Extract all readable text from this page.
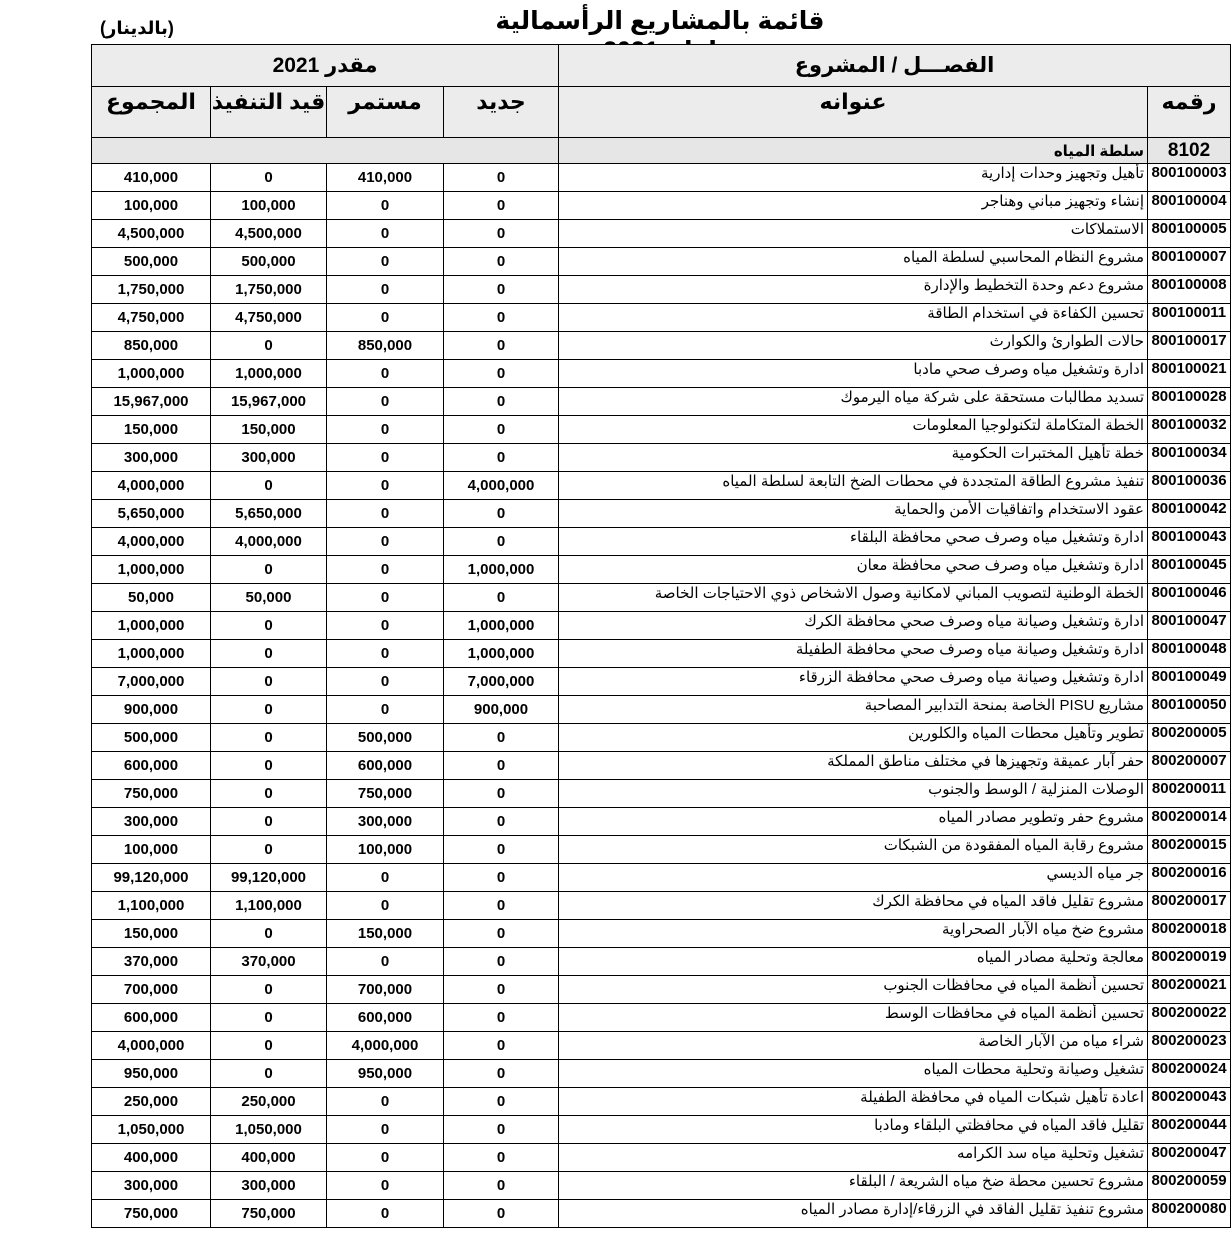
قائمة بالمشاريع الرأسمالية
(بالدينار)
مقدر 2021				الفصـــل / المشروع	
المجموع	قيد التنفيذ	مستمر	جديد	عنوانه	رقمه
				سلطة المياه	8102
410,000	0	410,000	0	تأهيل وتجهيز وحدات إدارية	800100003
100,000	100,000	0	0	إنشاء وتجهيز مباني وهناجر	800100004
4,500,000	4,500,000	0	0	الاستملاكات	800100005
500,000	500,000	0	0	مشروع النظام المحاسبي لسلطة المياه	800100007
1,750,000	1,750,000	0	0	مشروع دعم وحدة التخطيط والإدارة	800100008
4,750,000	4,750,000	0	0	تحسين الكفاءة في استخدام الطاقة	800100011
850,000	0	850,000	0	حالات الطوارئ والكوارث	800100017
1,000,000	1,000,000	0	0	ادارة وتشغيل مياه وصرف صحي مادبا	800100021
15,967,000	15,967,000	0	0	تسديد مطالبات مستحقة على شركة مياه اليرموك	800100028
150,000	150,000	0	0	الخطة المتكاملة لتكنولوجيا المعلومات	800100032
300,000	300,000	0	0	خطة تأهيل المختبرات الحكومية	800100034
4,000,000	0	0	4,000,000	تنفيذ مشروع الطاقة المتجددة في محطات الضخ التابعة لسلطة المياه	800100036
5,650,000	5,650,000	0	0	عقود الاستخدام واتفاقيات الأمن والحماية	800100042
4,000,000	4,000,000	0	0	ادارة وتشغيل مياه وصرف صحي محافظة البلقاء	800100043
1,000,000	0	0	1,000,000	ادارة وتشغيل مياه وصرف صحي محافظة معان	800100045
50,000	50,000	0	0	الخطة الوطنية لتصويب المباني لامكانية وصول الاشخاص ذوي الاحتياجات الخاصة	800100046
1,000,000	0	0	1,000,000	ادارة وتشغيل وصيانة مياه وصرف صحي محافظة الكرك	800100047
1,000,000	0	0	1,000,000	ادارة وتشغيل وصيانة مياه وصرف صحي محافظة الطفيلة	800100048
7,000,000	0	0	7,000,000	ادارة وتشغيل وصيانة مياه وصرف صحي محافظة الزرقاء	800100049
900,000	0	0	900,000	مشاريع PISU الخاصة بمنحة التدابير المصاحبة	800100050
500,000	0	500,000	0	تطوير وتأهيل محطات المياه والكلورين	800200005
600,000	0	600,000	0	حفر آبار عميقة وتجهيزها في مختلف مناطق المملكة	800200007
750,000	0	750,000	0	الوصلات المنزلية / الوسط والجنوب	800200011
300,000	0	300,000	0	مشروع حفر وتطوير مصادر المياه	800200014
100,000	0	100,000	0	مشروع رقابة المياه المفقودة من الشبكات	800200015
99,120,000	99,120,000	0	0	جر مياه الديسي	800200016
1,100,000	1,100,000	0	0	مشروع تقليل فاقد المياه في محافظة الكرك	800200017
150,000	0	150,000	0	مشروع ضخ مياه الآبار الصحراوية	800200018
370,000	370,000	0	0	معالجة وتحلية مصادر المياه	800200019
700,000	0	700,000	0	تحسين أنظمة المياه في محافظات الجنوب	800200021
600,000	0	600,000	0	تحسين أنظمة المياه في محافظات الوسط	800200022
4,000,000	0	4,000,000	0	شراء مياه من الآبار الخاصة	800200023
950,000	0	950,000	0	تشغيل وصيانة وتحلية محطات المياه	800200024
250,000	250,000	0	0	اعادة تأهيل شبكات المياه في محافظة الطفيلة	800200043
1,050,000	1,050,000	0	0	تقليل فاقد المياه في محافظتي البلقاء ومادبا	800200044
400,000	400,000	0	0	تشغيل وتحلية مياه سد الكرامه	800200047
300,000	300,000	0	0	مشروع تحسين محطة ضخ مياه الشريعة / البلقاء	800200059
750,000	750,000	0	0	مشروع تنفيذ تقليل الفاقد في الزرقاء/إدارة مصادر المياه	800200080
